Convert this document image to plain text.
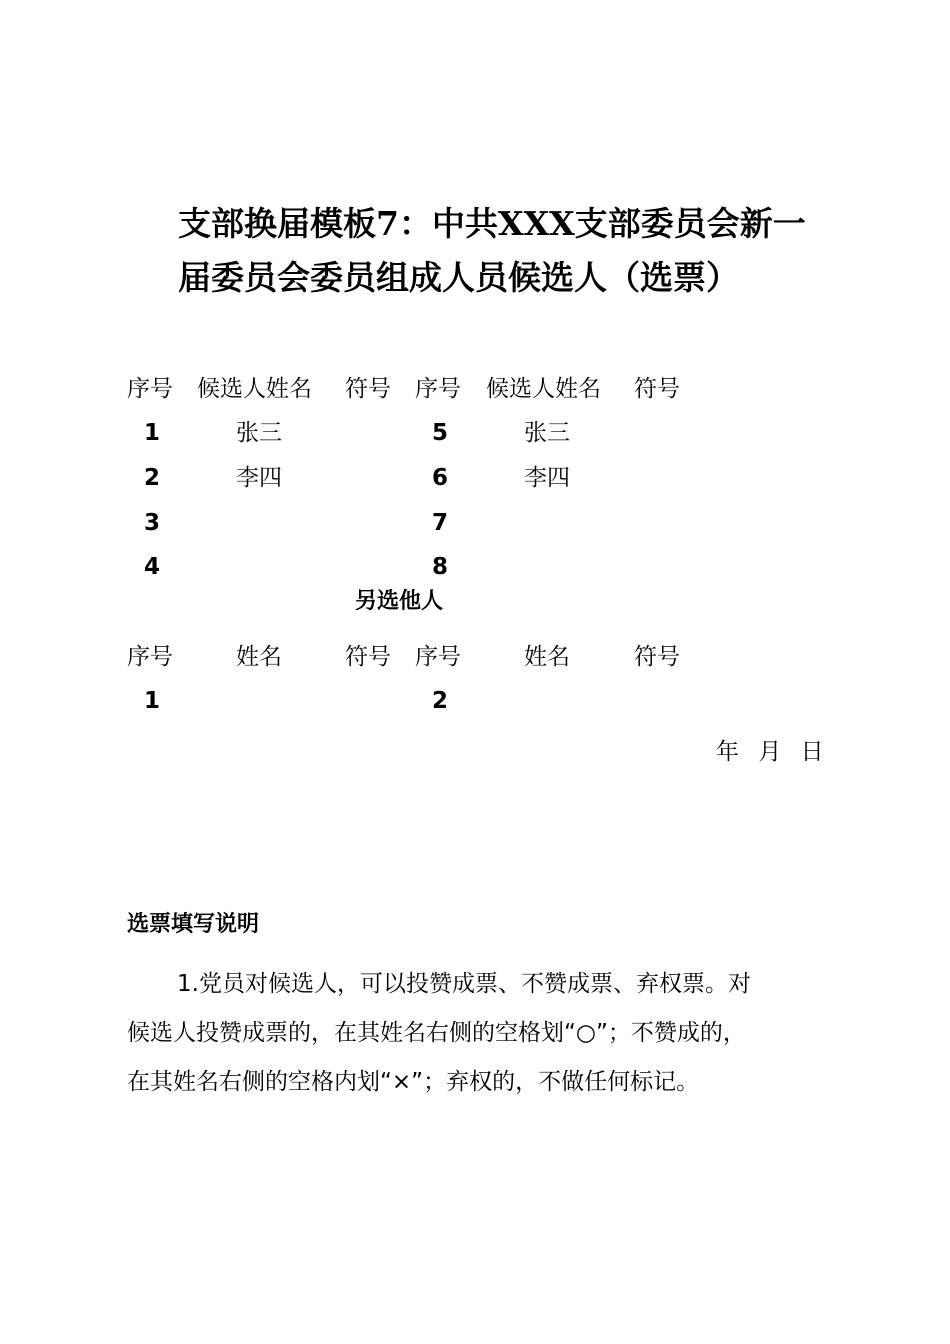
支部换届模板7：中共XXX支部委员会新一
届委员会委员组成人员候选人（选票）
序号 候选人姓名 符号 序号 候选人姓名 符号
1	张三	5	张三
2	李四	6	李四
3	7
4	8
另选他人
序号	姓名	符号 序号	姓名	符号
1	2
年 月 日
选票填写说明

1.党员对候选人，可以投赞成票、不赞成票、弃权票。对
候选人投赞成票的，在其姓名右侧的空格划“○”；不赞成的，
在其姓名右侧的空格内划“×”；弃权的，不做任何标记。
